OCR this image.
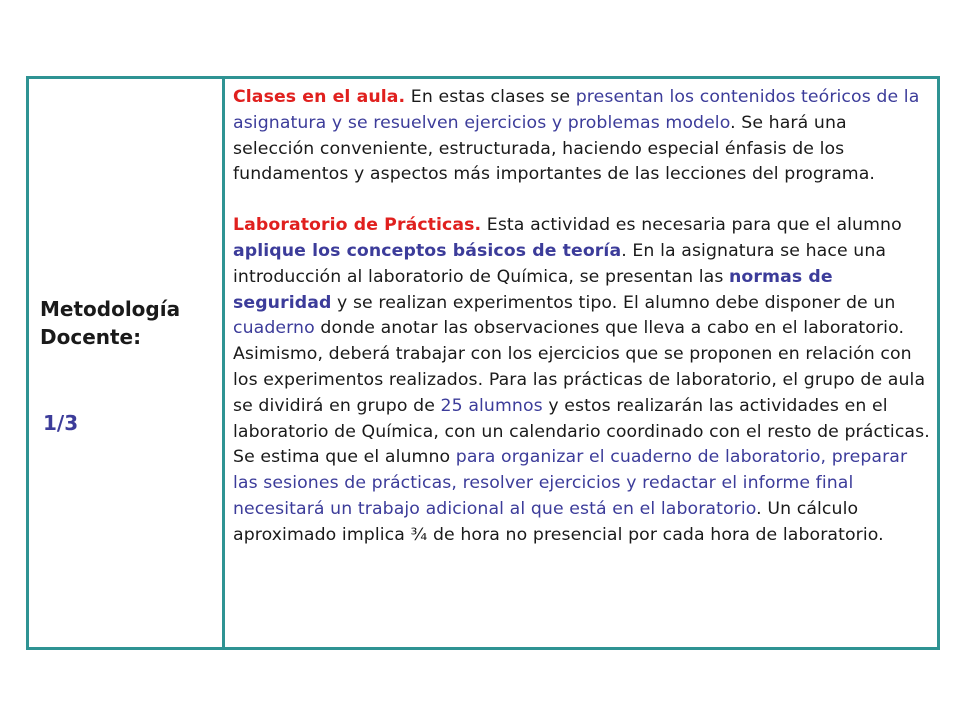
Metodología
Docente:
1/3

Clases en el aula. En estas clases se presentan los contenidos teóricos de la asignatura y se resuelven ejercicios y problemas modelo. Se hará una selección conveniente, estructurada, haciendo especial énfasis de los fundamentos y aspectos más importantes de las lecciones del programa.

Laboratorio de Prácticas. Esta actividad es necesaria para que el alumno aplique los conceptos básicos de teoría. En la asignatura se hace una introducción al laboratorio de Química, se presentan las normas de seguridad y se realizan experimentos tipo. El alumno debe disponer de un cuaderno donde anotar las observaciones que lleva a cabo en el laboratorio. Asimismo, deberá trabajar con los ejercicios que se proponen en relación con los experimentos realizados. Para las prácticas de laboratorio, el grupo de aula se dividirá en grupo de 25 alumnos y estos realizarán las actividades en el laboratorio de Química, con un calendario coordinado con el resto de prácticas. Se estima que el alumno para organizar el cuaderno de laboratorio, preparar las sesiones de prácticas, resolver ejercicios y redactar el informe final necesitará un trabajo adicional al que está en el laboratorio. Un cálculo aproximado implica ¾ de hora no presencial por cada hora de laboratorio.
